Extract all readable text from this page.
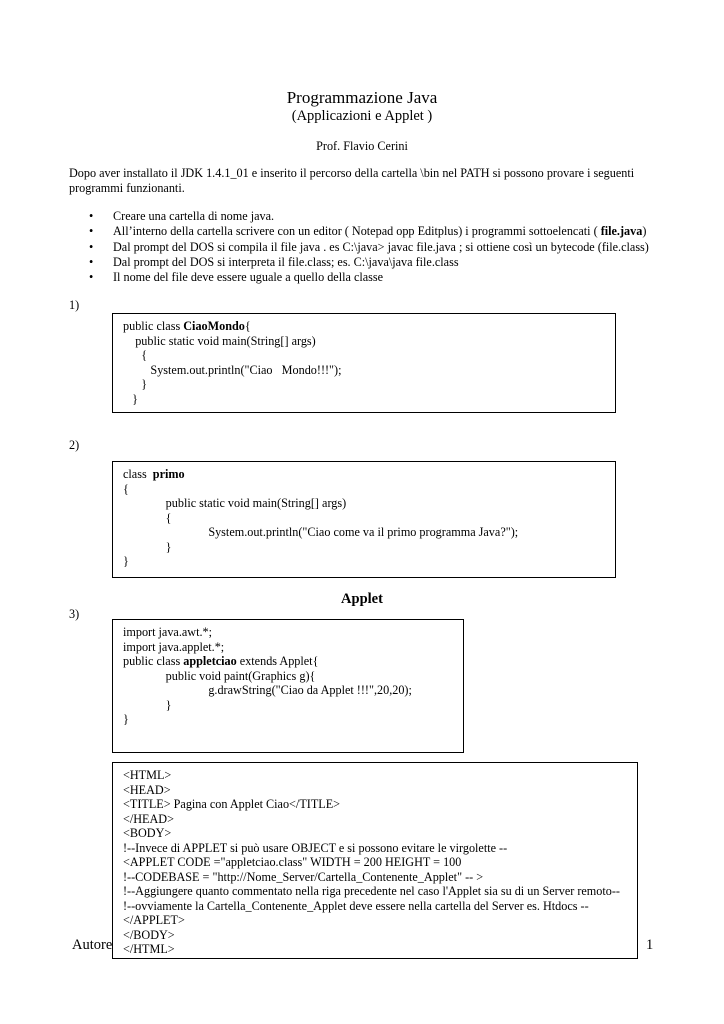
Programmazione Java
(Applicazioni e Applet )
Prof. Flavio Cerini
Dopo aver installato il JDK 1.4.1_01 e inserito il percorso della cartella \bin nel PATH si possono provare i seguenti programmi funzionanti.
• Creare una cartella di nome java.
• All’interno della cartella scrivere con un editor ( Notepad opp Editplus) i programmi sottoelencati ( file.java)
• Dal prompt del DOS si compila il file java . es C:\java> javac file.java ; si ottiene così un bytecode (file.class)
• Dal prompt del DOS si interpreta il file.class; es. C:\java\java file.class
• Il nome del file deve essere uguale a quello della classe
1)
public class CiaoMondo{
public static void main(String[] args)
{
System.out.println("Ciao   Mondo!!!");
}
}
2)
class  primo
{
public static void main(String[] args)
{
System.out.println("Ciao come va il primo programma Java?");
}
}
Applet
3)
import java.awt.*;
import java.applet.*;
public class appletciao extends Applet{
public void paint(Graphics g){
g.drawString("Ciao da Applet !!!",20,20);
}
}
Autore	1
<HTML>
<HEAD>
<TITLE> Pagina con Applet Ciao</TITLE>
</HEAD>
<BODY>
!--Invece di APPLET si può usare OBJECT e si possono evitare le virgolette --
<APPLET CODE ="appletciao.class" WIDTH = 200 HEIGHT = 100
!--CODEBASE = "http://Nome_Server/Cartella_Contenente_Applet" -- >
!--Aggiungere quanto commentato nella riga precedente nel caso l'Applet sia su di un Server remoto--
!--ovviamente la Cartella_Contenente_Applet deve essere nella cartella del Server es. Htdocs --
</APPLET>
</BODY>
</HTML>
